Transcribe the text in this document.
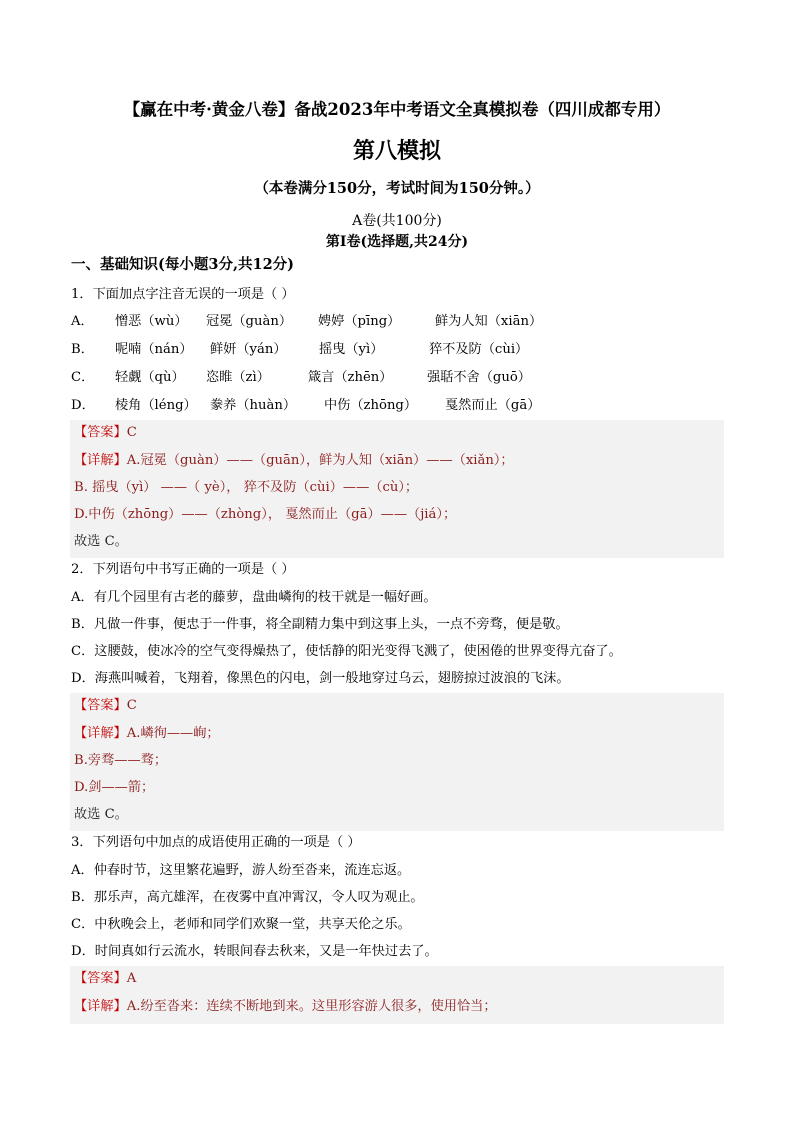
【赢在中考·黄金八卷】备战2023年中考语文全真模拟卷（四川成都专用）
第八模拟
（本卷满分150分，考试时间为150分钟。）
A卷(共100分)
第Ⅰ卷(选择题,共24分)
一、基础知识(每小题3分,共12分)
1．下面加点字注音无误的一项是（ ）
A． 憎恶（wù） 冠冕（guàn） 娉婷（pīng）	鲜为人知（xiān）
B． 呢喃（nán） 鲜妍（yán） 摇曳（yì）	猝不及防（cùi）
C． 轻觑（qù） 恣睢（zì）	箴言（zhēn）	强聒不舍（guō）
D． 棱角（léng） 豢养（huàn） 中伤（zhōng） 戛然而止（gā）
【答案】C
【详解】A.冠冕（guàn）——（guān），鲜为人知（xiān）——（xiǎn）；
B. 摇曳（yì） ——（ yè）， 猝不及防（cùi）——（cù）；
D.中伤（zhōng）——（zhòng）， 戛然而止（gā）——（jiá）；
故选 C。
2．下列语句中书写正确的一项是（ ）
A．有几个园里有古老的藤萝，盘曲嶙徇的枝干就是一幅好画。
B．凡做一件事，便忠于一件事，将全副精力集中到这事上头，一点不旁骛，便是敬。
C．这腰鼓，使冰冷的空气变得燥热了，使恬静的阳光变得飞溅了，使困倦的世界变得亢奋了。
D．海燕叫喊着，飞翔着，像黑色的闪电，剑一般地穿过乌云，翅膀掠过波浪的飞沫。
【答案】C
【详解】A.嶙徇——峋；
B.旁骛——骛；
D.剑——箭；
故选 C。
3．下列语句中加点的成语使用正确的一项是（ ）
A．仲春时节，这里繁花遍野，游人纷至沓来，流连忘返。
B．那乐声，高亢雄浑，在夜雾中直冲霄汉，令人叹为观止。
C．中秋晚会上，老师和同学们欢聚一堂，共享天伦之乐。
D．时间真如行云流水，转眼间春去秋来，又是一年快过去了。
【答案】A
【详解】A.纷至沓来：连续不断地到来。这里形容游人很多，使用恰当；
